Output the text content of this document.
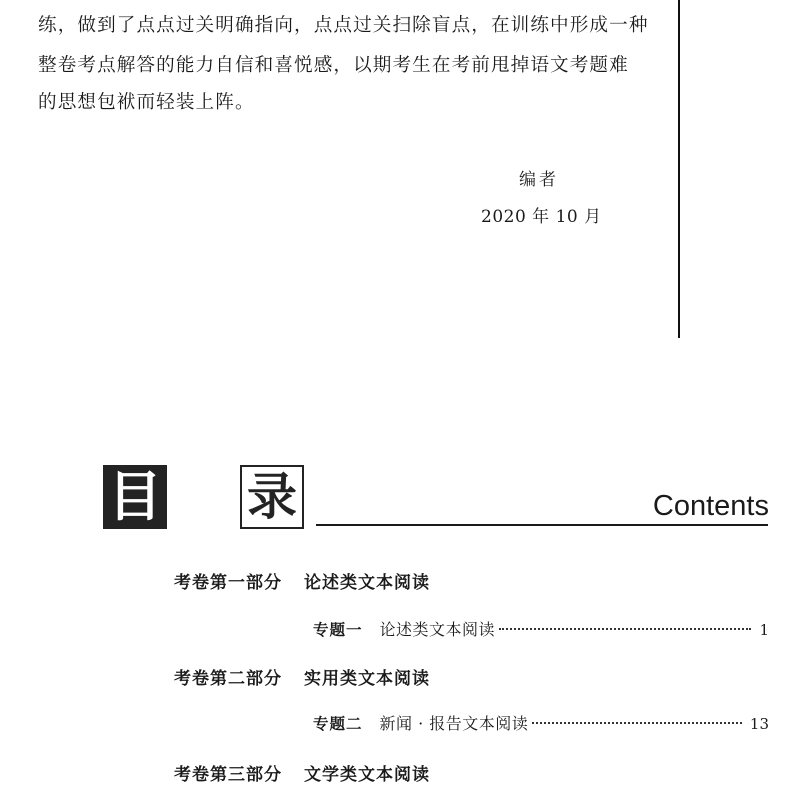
练，做到了点点过关明确指向，点点过关扫除盲点，在训练中形成一种
整卷考点解答的能力自信和喜悦感，以期考生在考前甩掉语文考题难
的思想包袱而轻装上阵。
编者
2020 年 10 月
目 录	Contents
考卷第一部分 论述类文本阅读
专题一 论述类文本阅读	1
考卷第二部分 实用类文本阅读
专题二 新闻 · 报告文本阅读	13
考卷第三部分 文学类文本阅读
